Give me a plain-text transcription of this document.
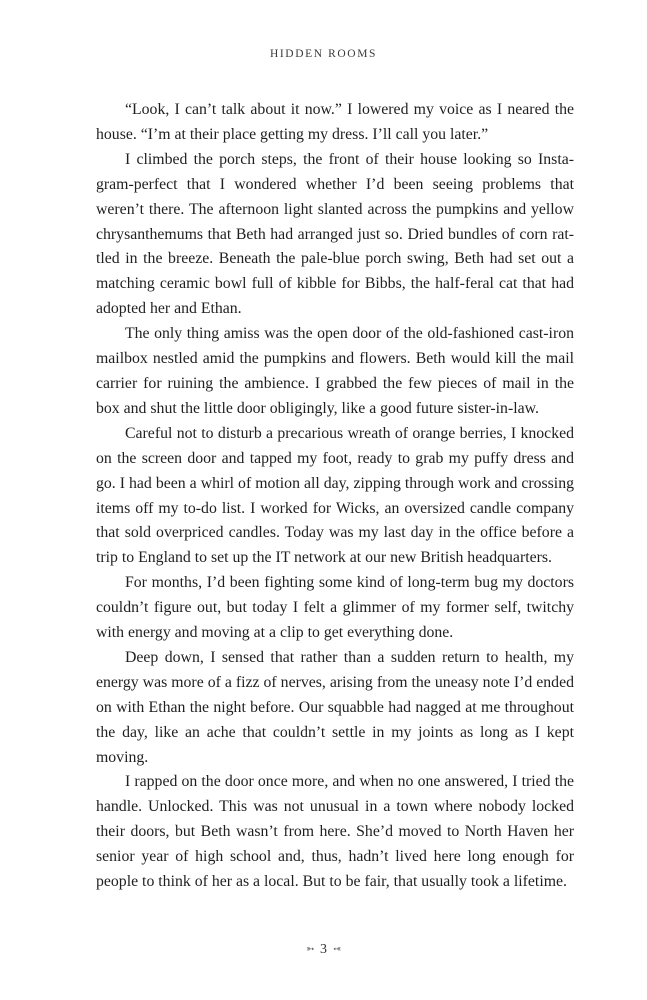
HIDDEN ROOMS

“Look, I can’t talk about it now.” I lowered my voice as I neared the house. “I’m at their place getting my dress. I’ll call you later.”

I climbed the porch steps, the front of their house looking so Instagram-perfect that I wondered whether I’d been seeing problems that weren’t there. The afternoon light slanted across the pumpkins and yellow chrysanthemums that Beth had arranged just so. Dried bundles of corn rattled in the breeze. Beneath the pale-blue porch swing, Beth had set out a matching ceramic bowl full of kibble for Bibbs, the half-feral cat that had adopted her and Ethan.

The only thing amiss was the open door of the old-fashioned cast-iron mailbox nestled amid the pumpkins and flowers. Beth would kill the mail carrier for ruining the ambience. I grabbed the few pieces of mail in the box and shut the little door obligingly, like a good future sister-in-law.

Careful not to disturb a precarious wreath of orange berries, I knocked on the screen door and tapped my foot, ready to grab my puffy dress and go. I had been a whirl of motion all day, zipping through work and crossing items off my to-do list. I worked for Wicks, an oversized candle company that sold overpriced candles. Today was my last day in the office before a trip to England to set up the IT network at our new British headquarters.

For months, I’d been fighting some kind of long-term bug my doctors couldn’t figure out, but today I felt a glimmer of my former self, twitchy with energy and moving at a clip to get everything done.

Deep down, I sensed that rather than a sudden return to health, my energy was more of a fizz of nerves, arising from the uneasy note I’d ended on with Ethan the night before. Our squabble had nagged at me throughout the day, like an ache that couldn’t settle in my joints as long as I kept moving.

I rapped on the door once more, and when no one answered, I tried the handle. Unlocked. This was not unusual in a town where nobody locked their doors, but Beth wasn’t from here. She’d moved to North Haven her senior year of high school and, thus, hadn’t lived here long enough for people to think of her as a local. But to be fair, that usually took a lifetime.

➳ 3 ➳
